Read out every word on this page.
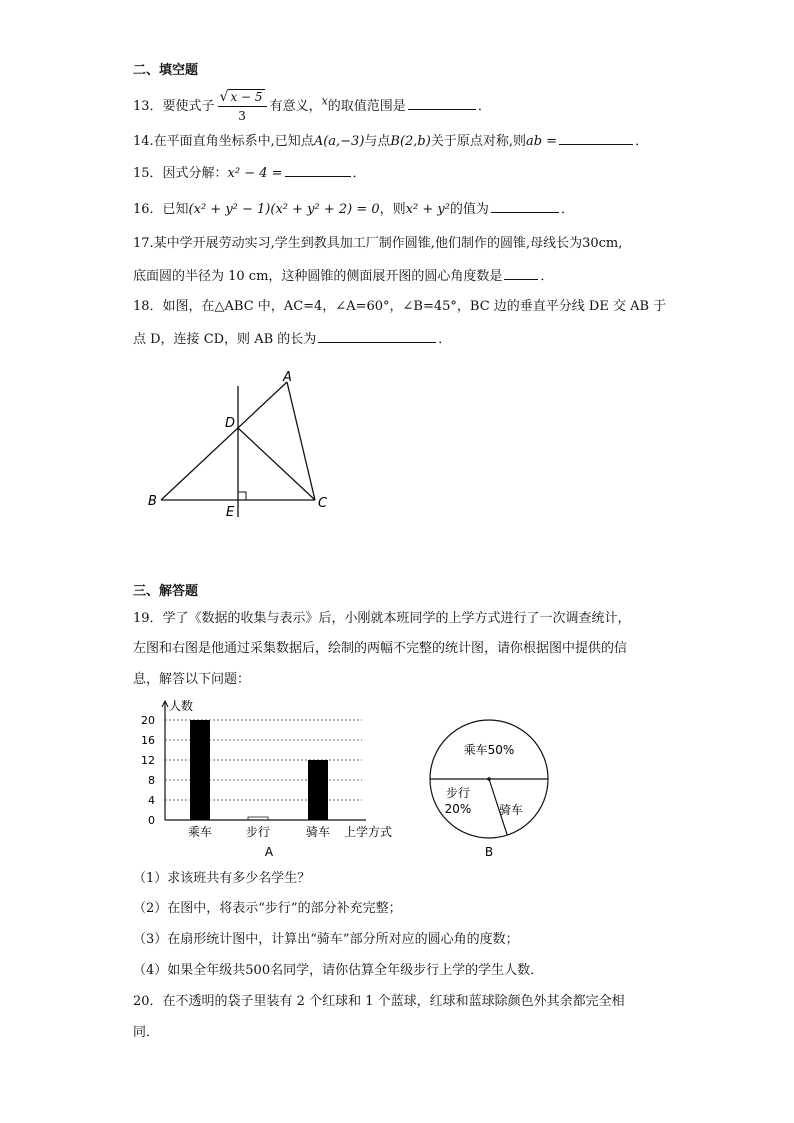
二、填空题
13．要使式子 $\frac{√ x - 5}{3}$ 有意义，$^x$的取值范围是	．
14.在平面直角坐标系中,已知点A(a,−3)与点B(2,b)关于原点对称,则ab =	．
15．因式分解：x² − 4 =	．
16．已知(x² + y² − 1)(x² + y² + 2) = 0，则x² + y²的值为	．
17.某中学开展劳动实习,学生到教具加工厂制作圆锥,他们制作的圆锥,母线长为30cm,
底面圆的半径为 10 cm，这种圆锥的侧面展开图的圆心角度数是	．
18．如图，在△ABC 中，AC=4，∠A=60°，∠B=45°，BC 边的垂直平分线 DE 交 AB 于
点 D，连接 CD，则 AB 的长为	．
A
B	C
D
E
三、解答题
19．学了《数据的收集与表示》后，小刚就本班同学的上学方式进行了一次调查统计，
左图和右图是他通过采集数据后，绘制的两幅不完整的统计图，请你根据图中提供的信
息，解答以下问题：
人数
上学方式
0
4
8
12
16
20
乘车	步行	骑车
A
乘车50%
步行
20% 骑车
B
（1）求该班共有多少名学生？
（2）在图中，将表示“步行”的部分补充完整；
（3）在扇形统计图中，计算出“骑车”部分所对应的圆心角的度数；
（4）如果全年级共500名同学，请你估算全年级步行上学的学生人数．
20．在不透明的袋子里装有 2 个红球和 1 个蓝球，红球和蓝球除颜色外其余都完全相
同．
